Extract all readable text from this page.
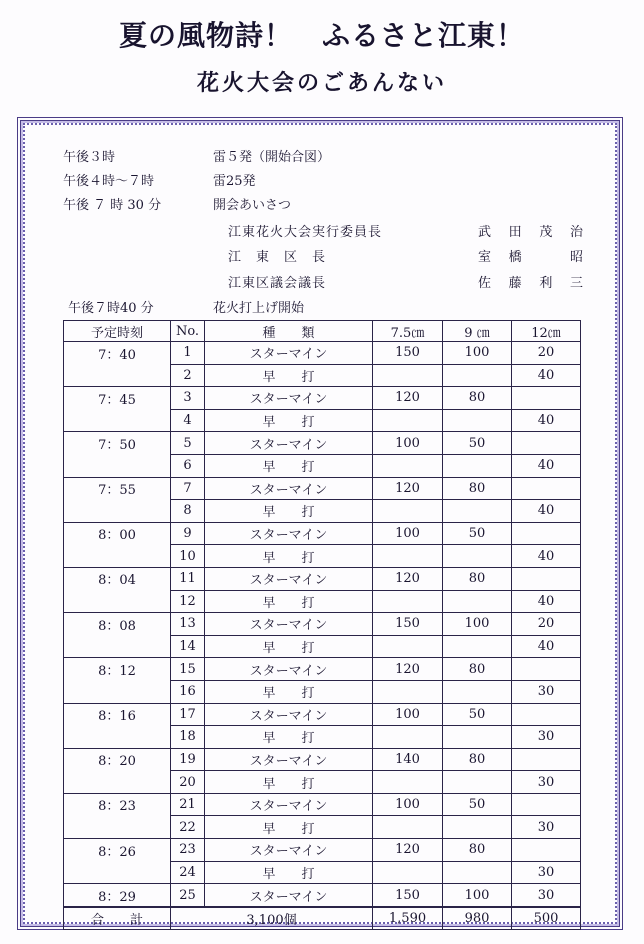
夏の風物詩！　ふるさと江東！
花火大会のごあんない
午後３時	雷５発（開始合図）
午後４時～７時	雷25発
午後 ７ 時 30 分	開会あいさつ
江東花火大会実行委員長	武田茂治
江　東　区　長	室橋　昭
江東区議会議長	佐藤利三
午後７時40 分	花火打上げ開始
予定時刻	No.	種　　類	7.5㎝	9 ㎝	12㎝
7：40	1	スターマイン	150	100	20
	2	早　　打			40
7：45	3	スターマイン	120	80	
	4	早　　打			40
7：50	5	スターマイン	100	50	
	6	早　　打			40
7：55	7	スターマイン	120	80	
	8	早　　打			40
8：00	9	スターマイン	100	50	
	10	早　　打			40
8：04	11	スターマイン	120	80	
	12	早　　打			40
8：08	13	スターマイン	150	100	20
	14	早　　打			40
8：12	15	スターマイン	120	80	
	16	早　　打			30
8：16	17	スターマイン	100	50	
	18	早　　打			30
8：20	19	スターマイン	140	80	
	20	早　　打			30
8：23	21	スターマイン	100	50	
	22	早　　打			30
8：26	23	スターマイン	120	80	
	24	早　　打			30
8：29	25	スターマイン	150	100	30
合　　計	3,100個		1,590	980	500
